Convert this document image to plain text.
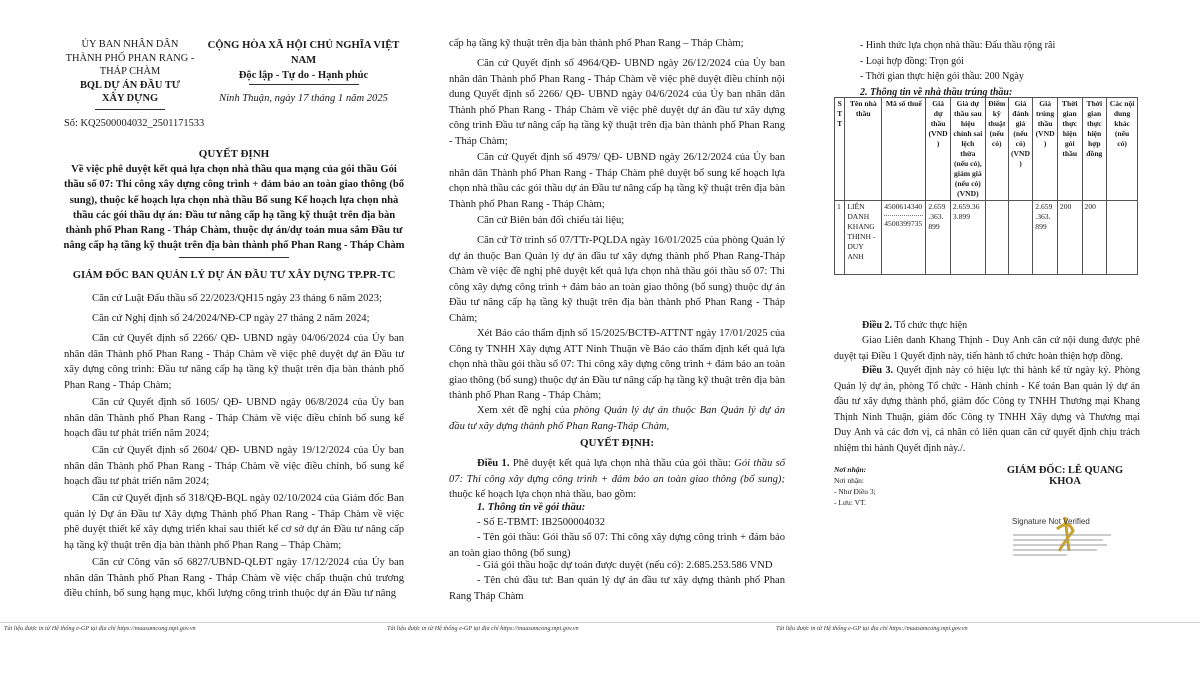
ỦY BAN NHÂN DÂN
THÀNH PHỐ PHAN RANG -
THÁP CHÀM
BQL DỰ ÁN ĐẦU TƯ
XÂY DỰNG
CỘNG HÒA XÃ HỘI CHỦ NGHĨA VIỆT NAM
Độc lập - Tự do - Hạnh phúc
Ninh Thuận, ngày 17 tháng 1 năm 2025
Số: KQ2500004032_2501171533
QUYẾT ĐỊNH
Về việc phê duyệt kết quả lựa chọn nhà thầu qua mạng của gói thầu Gói
thầu số 07: Thi công xây dựng công trình + đảm bảo an toàn giao thông (bổ
sung), thuộc kế hoạch lựa chọn nhà thầu Bổ sung Kế hoạch lựa chọn nhà
thầu các gói thầu dự án: Đầu tư nâng cấp hạ tầng kỹ thuật trên địa bàn
thành phố Phan Rang - Tháp Chàm, thuộc dự án/dự toán mua sắm Đầu tư
nâng cấp hạ tầng kỹ thuật trên địa bàn thành phố Phan Rang - Tháp Chàm
GIÁM ĐỐC BAN QUẢN LÝ DỰ ÁN ĐẦU TƯ XÂY DỰNG TP.PR-TC
Căn cứ Luật Đấu thầu số 22/2023/QH15 ngày 23 tháng 6 năm 2023;
Căn cứ Nghị định số 24/2024/NĐ-CP ngày 27 tháng 2 năm 2024;
Căn cứ Quyết định số 2266/ QĐ- UBND ngày 04/06/2024 của Ủy ban nhân dân Thành phố Phan Rang - Tháp Chàm về việc phê duyệt dự án Đầu tư xây dựng công trình: Đầu tư nâng cấp hạ tầng kỹ thuật trên địa bàn thành phố Phan Rang - Tháp Chàm;
Căn cứ Quyết định số 1605/ QĐ- UBND ngày 06/8/2024 của Ủy ban nhân dân Thành phố Phan Rang - Tháp Chàm về việc điều chỉnh bổ sung kế hoạch đầu tư phát triển năm 2024;
Căn cứ Quyết định số 2604/ QĐ- UBND ngày 19/12/2024 của Ủy ban nhân dân Thành phố Phan Rang - Tháp Chàm về việc điều chỉnh, bổ sung kế hoạch đầu tư phát triển năm 2024;
Căn cứ Quyết định số 318/QĐ-BQL ngày 02/10/2024 của Giám đốc Ban quản lý Dự án Đầu tư Xây dựng Thành phố Phan Rang - Tháp Chàm về việc phê duyệt thiết kế xây dựng triển khai sau thiết kế cơ sở dự án Đầu tư nâng cấp hạ tầng kỹ thuật trên địa bàn thành phố Phan Rang – Tháp Chàm;
Căn cứ Công văn số 6827/UBND-QLĐT ngày 17/12/2024 của Ủy ban nhân dân Thành phố Phan Rang - Tháp Chàm về việc chấp thuận chủ trương điều chỉnh, bổ sung hạng mục, khối lượng công trình thuộc dự án Đầu tư nâng
cấp hạ tầng kỹ thuật trên địa bàn thành phố Phan Rang – Tháp Chàm;
Căn cứ Quyết định số 4964/QĐ- UBND ngày 26/12/2024 của Ủy ban nhân dân Thành phố Phan Rang - Tháp Chàm về việc phê duyệt điều chỉnh nội dung Quyết định số 2266/ QĐ- UBND ngày 04/6/2024 của Ủy ban nhân dân Thành phố Phan Rang - Tháp Chàm về việc phê duyệt dự án đầu tư xây dựng công trình Đầu tư nâng cấp hạ tầng kỹ thuật trên địa bàn thành phố Phan Rang - Tháp Chàm;
Căn cứ Quyết định số 4979/ QĐ- UBND ngày 26/12/2024 của Ủy ban nhân dân Thành phố Phan Rang - Tháp Chàm phê duyệt bổ sung kế hoạch lựa chọn nhà thầu các gói thầu dự án Đầu tư nâng cấp hạ tầng kỹ thuật trên địa bàn Thành phố Phan Rang - Tháp Chàm;
Căn cứ Biên bản đối chiếu tài liệu;
Căn cứ Tờ trình số 07/TTr-PQLDA ngày 16/01/2025 của phòng Quản lý dự án thuộc Ban Quản lý dự án đầu tư xây dựng thành phố Phan Rang-Tháp Chàm về việc đề nghị phê duyệt kết quả lựa chọn nhà thầu gói thầu số 07: Thi công xây dựng công trình + đảm bảo an toàn giao thông (bổ sung) thuộc dự án Đầu tư nâng cấp hạ tầng kỹ thuật trên địa bàn thành phố Phan Rang - Tháp Chàm;
Xét Báo cáo thẩm định số 15/2025/BCTĐ-ATTNT ngày 17/01/2025 của Công ty TNHH Xây dựng ATT Ninh Thuận về Báo cáo thẩm định kết quả lựa chọn nhà thầu gói thầu số 07: Thi công xây dựng công trình + đảm bảo an toàn giao thông (bổ sung) thuộc dự án Đầu tư nâng cấp hạ tầng kỹ thuật trên địa bàn thành phố Phan Rang - Tháp Chàm;
Xem xét đề nghị của phòng Quản lý dự án thuộc Ban Quản lý dự án đầu tư xây dựng thành phố Phan Rang-Tháp Chàm,
QUYẾT ĐỊNH:
Điều 1. Phê duyệt kết quả lựa chọn nhà thầu của gói thầu: Gói thầu số 07: Thi công xây dựng công trình + đảm bảo an toàn giao thông (bổ sung); thuộc kế hoạch lựa chọn nhà thầu, bao gồm:
1. Thông tin về gói thầu:
- Số E-TBMT: IB2500004032
- Tên gói thầu: Gói thầu số 07: Thi công xây dựng công trình + đảm bảo an toàn giao thông (bổ sung)
- Giá gói thầu hoặc dự toán được duyệt (nếu có): 2.685.253.586 VND
- Tên chủ đầu tư: Ban quản lý dự án đầu tư xây dựng thành phố Phan Rang Tháp Chàm
- Hình thức lựa chọn nhà thầu: Đấu thầu rộng rãi
- Loại hợp đồng: Trọn gói
- Thời gian thực hiện gói thầu: 200 Ngày
2. Thông tin về nhà thầu trúng thầu:
S T T	Tên nhà thầu	Mã số thuế	Giá dự thầu (VND )	Giá dự thầu sau hiệu chỉnh sai lệch thừa (nếu có), giảm giá (nếu có) (VND)	Điểm kỹ thuật (nếu có)	Giá đánh giá (nếu có) (VND )	Giá trúng thầu (VND )	Thời gian thực hiện gói thầu	Thời gian thực hiện hợp đồng	Các nội dung khác (nếu có)
1	LIÊN DANH KHANG THỊNH - DUY ANH	4500614340
4500399735	2.659 .363. 899	2.659.36 3.899			2.659 .363. 899	200	200	
Điều 2. Tổ chức thực hiện
Giao Liên danh Khang Thịnh - Duy Anh căn cứ nội dung được phê duyệt tại Điều 1 Quyết định này, tiến hành tổ chức hoàn thiện hợp đồng.
Điều 3. Quyết định này có hiệu lực thi hành kể từ ngày ký. Phòng Quản lý dự án, phòng Tổ chức - Hành chính - Kế toán Ban quản lý dự án đầu tư xây dựng thành phố, giám đốc Công ty TNHH Thương mại Khang Thịnh Ninh Thuận, giám đốc Công ty TNHH Xây dựng và Thương mại Duy Anh và các đơn vị, cá nhân có liên quan căn cứ quyết định chịu trách nhiệm thi hành Quyết định này./.
Nơi nhận:
Nơi nhận:
- Như Điều 3;
- Lưu: VT.
GIÁM ĐỐC: LÊ QUANG KHOA
Signature Not Verified
Tài liệu được in từ Hệ thống e-GP tại địa chỉ https://muasamcong.mpi.gov.vn	Tài liệu được in từ Hệ thống e-GP tại địa chỉ https://muasamcong.mpi.gov.vn	Tài liệu được in từ Hệ thống e-GP tại địa chỉ https://muasamcong.mpi.gov.vn
